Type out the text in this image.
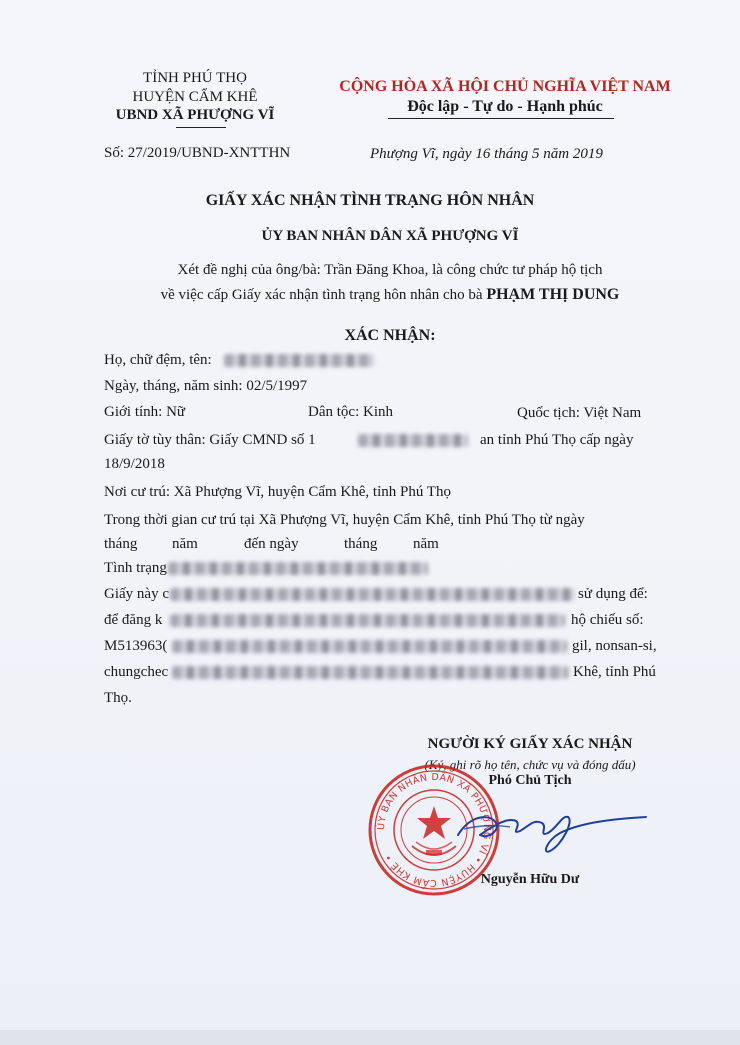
TỈNH PHÚ THỌ
HUYỆN CẨM KHÊ
UBND XÃ PHƯỢNG VĨ
CỘNG HÒA XÃ HỘI CHỦ NGHĨA VIỆT NAM
Độc lập - Tự do - Hạnh phúc
Số: 27/2019/UBND-XNTTHN	Phượng Vĩ, ngày 16 tháng 5 năm 2019
GIẤY XÁC NHẬN TÌNH TRẠNG HÔN NHÂN
ỦY BAN NHÂN DÂN XÃ PHƯỢNG VĨ
Xét đề nghị của ông/bà: Trần Đăng Khoa, là công chức tư pháp hộ tịch
về việc cấp Giấy xác nhận tình trạng hôn nhân cho bà PHẠM THỊ DUNG
XÁC NHẬN:
Họ, chữ đệm, tên:
Ngày, tháng, năm sinh: 02/5/1997
Giới tính: Nữ	Dân tộc: Kinh	Quốc tịch: Việt Nam
Giấy tờ tùy thân: Giấy CMND số 1	an tỉnh Phú Thọ cấp ngày
18/9/2018
Nơi cư trú: Xã Phượng Vĩ, huyện Cẩm Khê, tỉnh Phú Thọ
Trong thời gian cư trú tại Xã Phượng Vĩ, huyện Cẩm Khê, tỉnh Phú Thọ từ ngày
tháng năm	đến ngày	tháng năm
Tình trạng
Giấy này c	sử dụng để:
để đăng k	hộ chiếu số:
M513963(	gil, nonsan-si,
chungchec	Khê, tỉnh Phú
Thọ.
NGƯỜI KÝ GIẤY XÁC NHẬN
(Ký, ghi rõ họ tên, chức vụ và đóng dấu)
Phó Chủ Tịch
ỦY BAN NHÂN DÂN XÃ PHƯỢNG VĨ • HUYỆN CẨM KHÊ •
Nguyễn Hữu Dư
